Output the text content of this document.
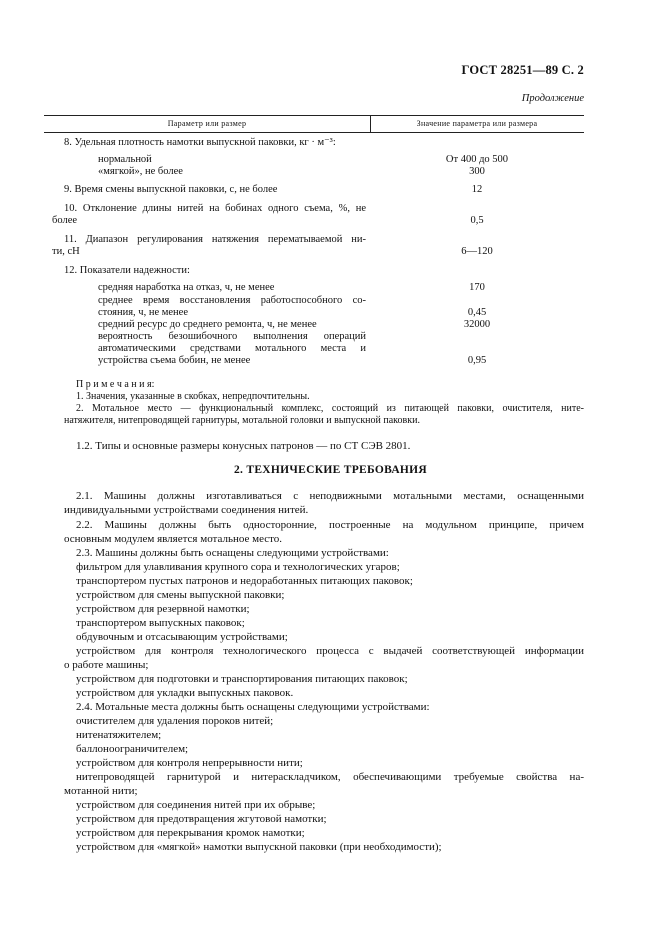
ГОСТ 28251—89 С. 2
Продолжение
Параметр или размер	Значение параметра или размера
8. Удельная плотность намотки выпускной паковки, кг · м⁻³:
нормальной	От 400 до 500
«мягкой», не более	300
9. Время смены выпускной паковки, с, не более	12
10. Отклонение длины нитей на бобинах одного съема, %, не
более	0,5
11. Диапазон регулирования натяжения перематываемой ни-
ти, сН	6—120
12. Показатели надежности:
средняя наработка на отказ, ч, не менее	170
среднее время восстановления работоспособного со-
стояния, ч, не менее	0,45
средний ресурс до среднего ремонта, ч, не менее	32000
вероятность безошибочного выполнения операций
автоматическими средствами мотального места и
устройства съема бобин, не менее	0,95
П р и м е ч а н и я:
1. Значения, указанные в скобках, непредпочтительны.
2. Мотальное место — функциональный комплекс, состоящий из питающей паковки, очистителя, ните-
натяжителя, нитепроводящей гарнитуры, мотальной головки и выпускной паковки.
1.2. Типы и основные размеры конусных патронов — по СТ СЭВ 2801.
2. ТЕХНИЧЕСКИЕ ТРЕБОВАНИЯ
2.1. Машины должны изготавливаться с неподвижными мотальными местами, оснащенными
индивидуальными устройствами соединения нитей.
2.2. Машины должны быть односторонние, построенные на модульном принципе, причем
основным модулем является мотальное место.
2.3. Машины должны быть оснащены следующими устройствами:
фильтром для улавливания крупного сора и технологических угаров;
транспортером пустых патронов и недоработанных питающих паковок;
устройством для смены выпускной паковки;
устройством для резервной намотки;
транспортером выпускных паковок;
обдувочным и отсасывающим устройствами;
устройством для контроля технологического процесса с выдачей соответствующей информации
о работе машины;
устройством для подготовки и транспортирования питающих паковок;
устройством для укладки выпускных паковок.
2.4. Мотальные места должны быть оснащены следующими устройствами:
очистителем для удаления пороков нитей;
нитенатяжителем;
баллоноограничителем;
устройством для контроля непрерывности нити;
нитепроводящей гарнитурой и нитераскладчиком, обеспечивающими требуемые свойства на-
мотанной нити;
устройством для соединения нитей при их обрыве;
устройством для предотвращения жгутовой намотки;
устройством для перекрывания кромок намотки;
устройством для «мягкой» намотки выпускной паковки (при необходимости);
